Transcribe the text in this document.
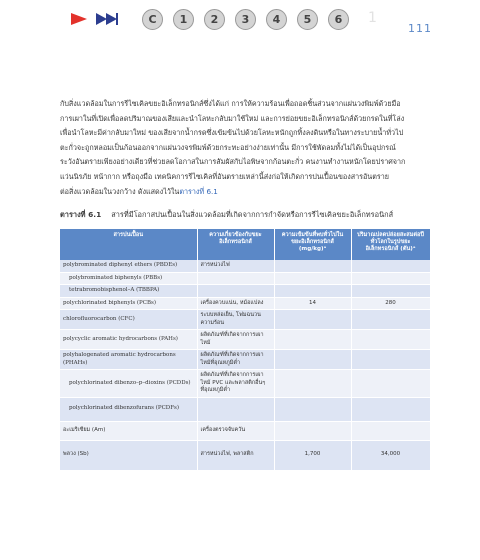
C 1 2 3 4 5 6 1
111

กับสิ่งแวดล้อมในการรีไซเคิลขยะอิเล็กทรอนิกส์ซึ่งได้แก่ การให้ความร้อนเพื่อถอดชิ้นส่วนจากแผ่นวงพิมพ์ด้วยมือ

การเผาในที่เปิดเพื่อลดปริมาณของเสียและนำโลหะกลับมาใช้ใหม่ และการย่อยขยะอิเล็กทรอนิกส์ด้วยกรดในที่โล่ง

เพื่อนำโลหะมีค่ากลับมาใหม่ ของเสียจากน้ำกรดซึ่งเข้มข้นไปด้วยโลหะหนักถูกทิ้งลงดินหรือในทางระบายน้ำทั่วไป

ตะกั่วจะถูกหลอมเป็นก้อนออกจากแผ่นวงจรพิมพ์ด้วยกระทะอย่างง่ายเท่านั้น มีการใช้พัดลมทั้งไม่ได้เป็นอุปกรณ์

ระวังอันตรายเพียงอย่างเดียวที่ช่วยลดโอกาสในการสัมผัสกับไอพิษจากก้อนตะกั่ว คนงานทำงานหนักโดยปราศจาก

แว่นนิรภัย หน้ากาก หรือถุงมือ เทคนิคการรีไซเคิลที่อันตรายเหล่านี้ส่งก่อให้เกิดการปนเปื้อนของสารอันตราย

ต่อสิ่งแวดล้อมในวงกว้าง ดังแสดงไว้ในตารางที่ 6.1

ตารางที่ 6.1 สารที่มีโอกาสปนเปื้อนในสิ่งแวดล้อมที่เกิดจากการกำจัดหรือการรีไซเคิลขยะอิเล็กทรอนิกส์
สารปนเปื้อน	ความเกี่ยวข้องกับขยะอิเล็กทรอนิกส์	ความเข้มข้นที่พบทั่วไปในขยะอิเล็กทรอนิกส์ (mg/kg)ᵃ	ปริมาณปลดปล่อยสะสมต่อปีทั่วโลกในรูปขยะอิเล็กทรอนิกส์ (ตัน)ᵃ
polybrominated diphenyl ethers (PBDEs)	สารหน่วงไฟ		
polybrominated biphenyls (PBBs)			
tetrabromobisphenol–A (TBBPA)			
polychlorinated biphenyls (PCBs)	เครื่องควบแน่น, หม้อแปลง	14	280
chlorofluorocarbon (CFC)	ระบบหล่อเย็น, โฟมฉนวนความร้อน		
polycyclic aromatic hydrocarbons (PAHs)	ผลิตภัณฑ์ที่เกิดจากการเผาไหม้		
polyhalogenated aromatic hydrocarbons (PHAHs)	ผลิตภัณฑ์ที่เกิดจากการเผาไหม้ที่อุณหภูมิต่ำ		
polychlorinated dibenzo–p–dioxins (PCDDs)	ผลิตภัณฑ์ที่เกิดจากการเผาไหม้ PVC และพลาสติกอื่นๆ ที่อุณหภูมิต่ำ		
polychlorinated dibenzofurans (PCDFs)			
อะเมริเซียม (Am)	เครื่องตรวจจับควัน		
พลวง (Sb)	สารหน่วงไฟ, พลาสติก	1,700	34,000
